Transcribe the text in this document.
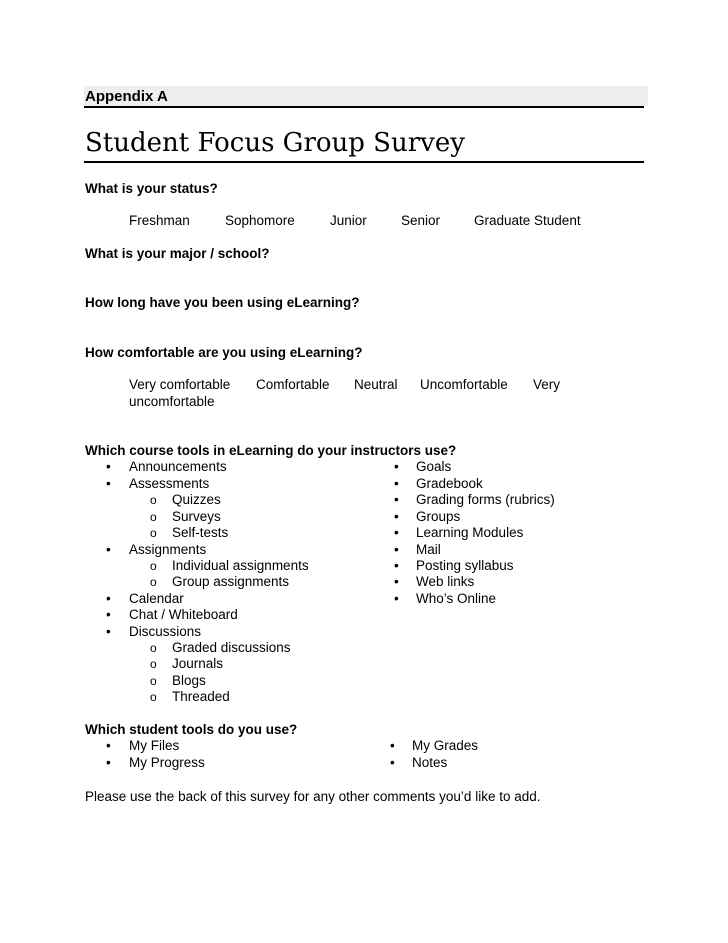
Appendix A
Student Focus Group Survey
What is your status?
Freshman	Sophomore	Junior	Senior	Graduate Student
What is your major / school?
How long have you been using eLearning?
How comfortable are you using eLearning?
Very comfortable Comfortable Neutral Uncomfortable Very
uncomfortable
Which course tools in eLearning do your instructors use?
• Announcements
• Assessments
o Quizzes
o Surveys
o Self-tests
• Assignments
o Individual assignments
o Group assignments
• Calendar
• Chat / Whiteboard
• Discussions
o Graded discussions
o Journals
o Blogs
o Threaded
• Goals
• Gradebook
• Grading forms (rubrics)
• Groups
• Learning Modules
• Mail
• Posting syllabus
• Web links
• Who’s Online
Which student tools do you use?
• My Files
• My Progress
• My Grades
• Notes
Please use the back of this survey for any other comments you’d like to add.
